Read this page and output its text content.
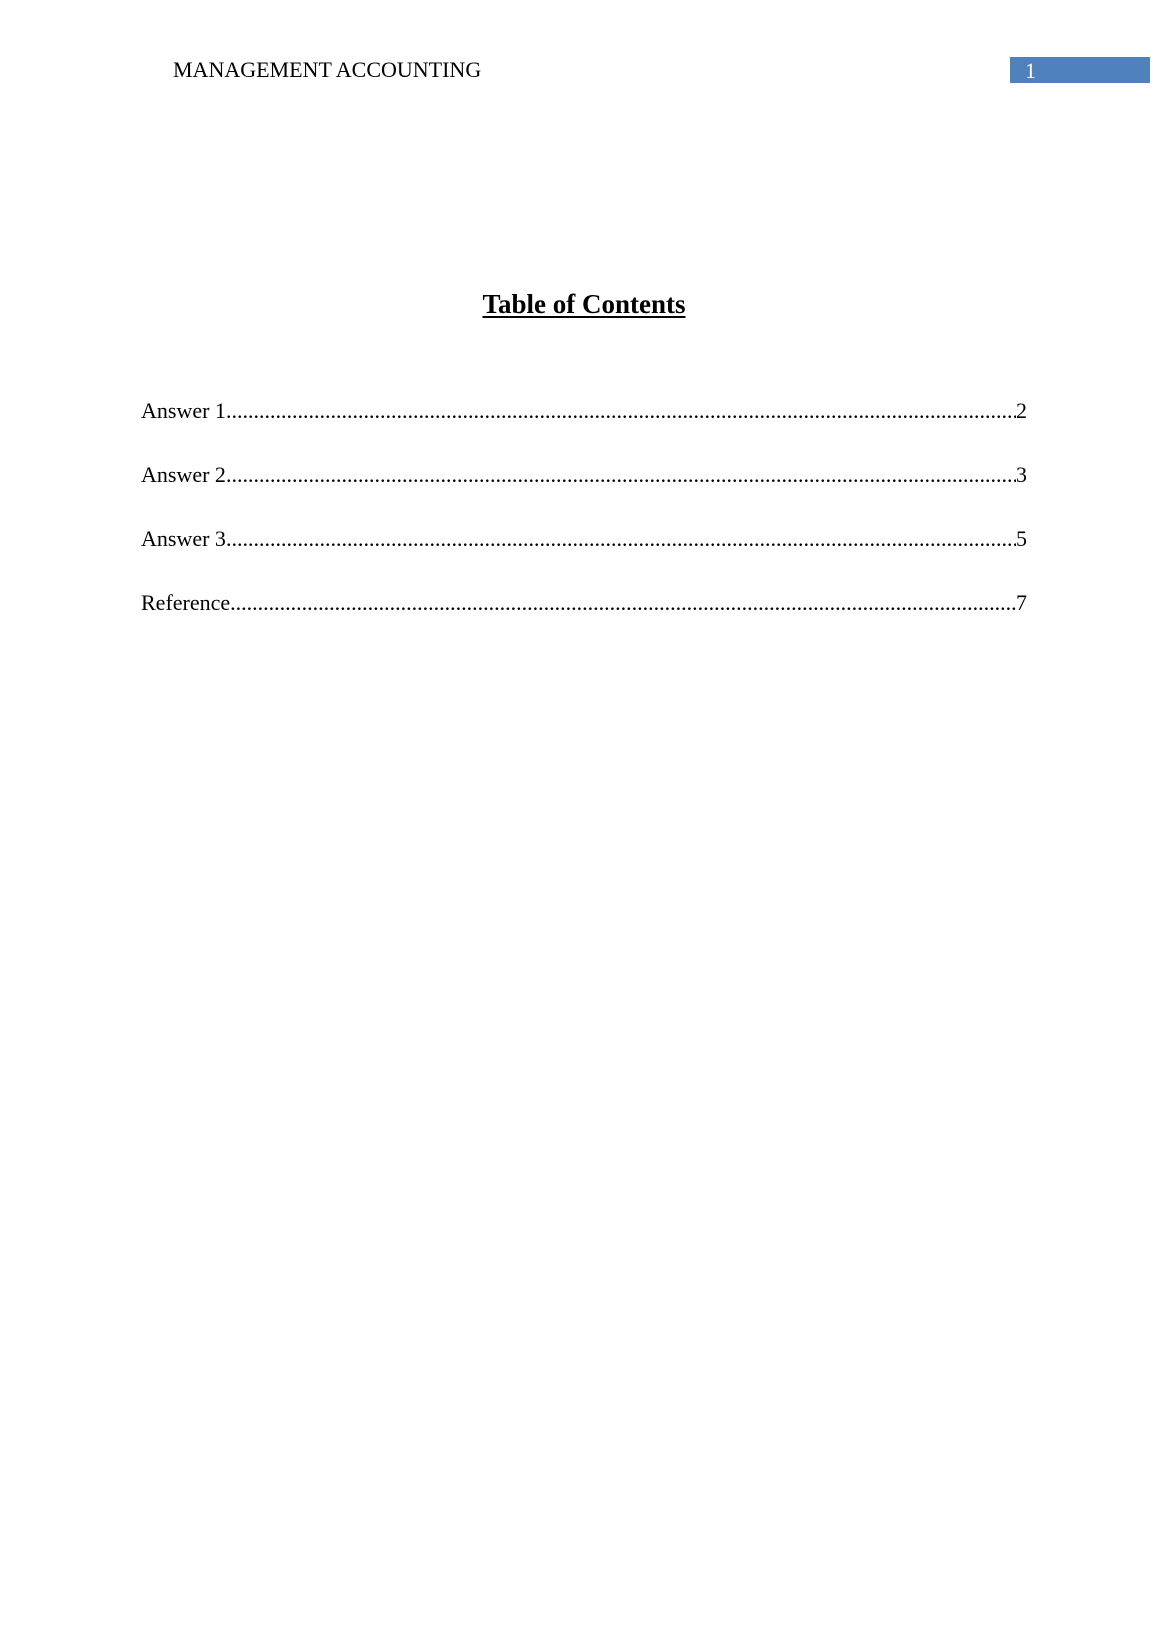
MANAGEMENT ACCOUNTING	1
Table of Contents
Answer 1 .....	2
Answer 2 .....	3
Answer 3 .....	5
Reference .....	7
